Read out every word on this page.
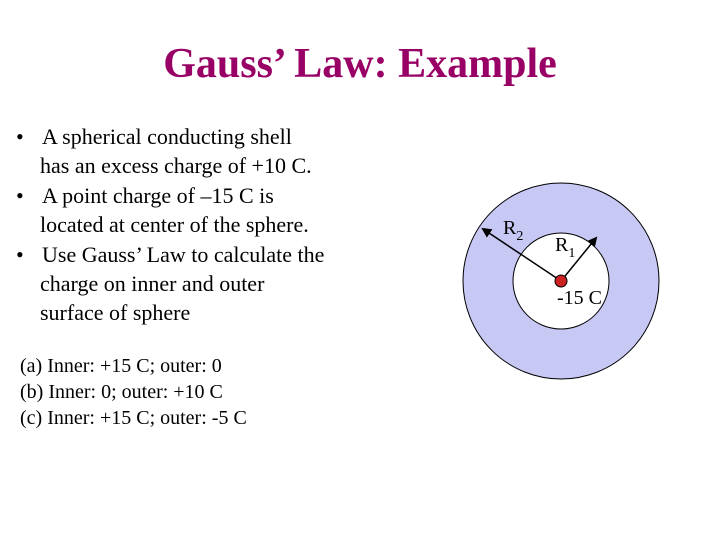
Gauss’ Law: Example
• A spherical conducting shell
has an excess charge of +10 C.
• A point charge of –15 C is
located at center of the sphere.
• Use Gauss’ Law to calculate the
charge on inner and outer
surface of sphere
(a) Inner: +15 C; outer: 0
(b) Inner: 0; outer: +10 C
(c) Inner: +15 C; outer: -5 C
$R_2$ $R_1$
-15 C
